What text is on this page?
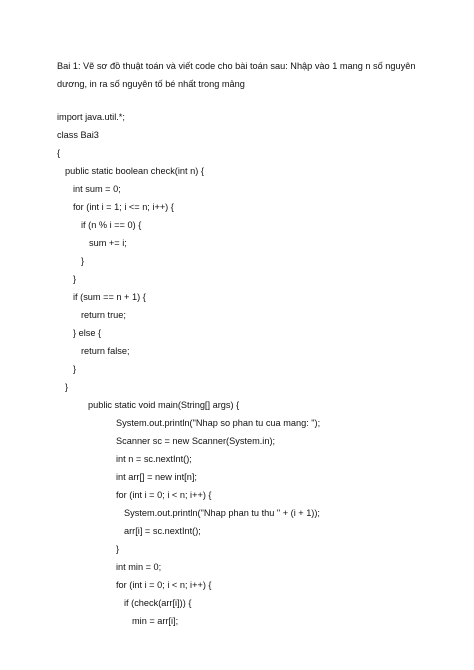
Bai 1: Vẽ sơ đồ thuật toán và viết code cho bài toán sau: Nhập vào 1 mang n số nguyên dương, in ra số nguyên tố bé nhất trong mảng
import java.util.*;
class Bai3
{
public static boolean check(int n) {
int sum = 0;
for (int i = 1; i <= n; i++) {
if (n % i == 0) {
sum += i;
}
}
if (sum == n + 1) {
return true;
} else {
return false;
}
}
public static void main(String[] args) {
System.out.println("Nhap so phan tu cua mang: ");
Scanner sc = new Scanner(System.in);
int n = sc.nextInt();
int arr[] = new int[n];
for (int i = 0; i < n; i++) {
System.out.println("Nhap phan tu thu " + (i + 1));
arr[i] = sc.nextInt();
}
int min = 0;
for (int i = 0; i < n; i++) {
if (check(arr[i])) {
min = arr[i];
